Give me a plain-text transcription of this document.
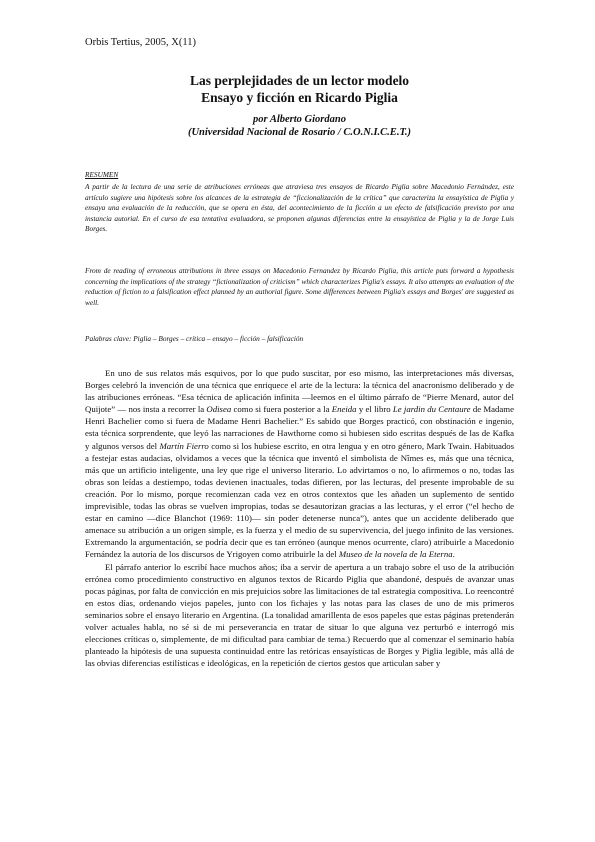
Orbis Tertius, 2005, X(11)
Las perplejidades de un lector modelo
Ensayo y ficción en Ricardo Piglia
por Alberto Giordano
(Universidad Nacional de Rosario / C.O.N.I.C.E.T.)
RESUMEN
A partir de la lectura de una serie de atribuciones erróneas que atraviesa tres ensayos de Ricardo Piglia sobre Macedonio Fernández, este artículo sugiere una hipótesis sobre los alcances de la estrategia de “ficcionalización de la crítica” que caracteriza la ensayística de Piglia y ensaya una evaluación de la reducción, que se opera en ésta, del acontecimiento de la ficción a un efecto de falsificación previsto por una instancia autorial. En el curso de esa tentativa evaluadora, se proponen algunas diferencias entre la ensayística de Piglia y la de Jorge Luis Borges.
From de reading of erroneous attributions in three essays on Macedonio Fernandez by Ricardo Piglia, this article puts forward a hypothesis concerning the implications of the strategy “fictionalization of criticism” which characterizes Piglia's essays. It also attempts an evaluation of the reduction of fiction to a falsification effect planned by an authorial figure. Some differences between Piglia's essays and Borges' are suggested as well.
Palabras clave: Piglia – Borges – crítica – ensayo – ficción – falsificación

En uno de sus relatos más esquivos, por lo que pudo suscitar, por eso mismo, las interpretaciones más diversas, Borges celebró la invención de una técnica que enriquece el arte de la lectura: la técnica del anacronismo deliberado y de las atribuciones erróneas. “Esa técnica de aplicación infinita —leemos en el último párrafo de “Pierre Menard, autor del Quijote” — nos insta a recorrer la Odisea como si fuera posterior a la Eneida y el libro Le jardin du Centaure de Madame Henri Bachelier como si fuera de Madame Henri Bachelier.” Es sabido que Borges practicó, con obstinación e ingenio, esta técnica sorprendente, que leyó las narraciones de Hawthorne como si hubiesen sido escritas después de las de Kafka y algunos versos del Martín Fierro como si los hubiese escrito, en otra lengua y en otro género, Mark Twain. Habituados a festejar estas audacias, olvidamos a veces que la técnica que inventó el simbolista de Nîmes es, más que una técnica, más que un artificio inteligente, una ley que rige el universo literario. Lo advirtamos o no, lo afirmemos o no, todas las obras son leídas a destiempo, todas devienen inactuales, todas difieren, por las lecturas, del presente improbable de su creación. Por lo mismo, porque recomienzan cada vez en otros contextos que les añaden un suplemento de sentido imprevisible, todas las obras se vuelven impropias, todas se desautorizan gracias a las lecturas, y el error (“el hecho de estar en camino —dice Blanchot (1969: 110)— sin poder detenerse nunca”), antes que un accidente deliberado que amenace su atribución a un origen simple, es la fuerza y el medio de su supervivencia, del juego infinito de las versiones. Extremando la argumentación, se podría decir que es tan erróneo (aunque menos ocurrente, claro) atribuirle a Macedonio Fernández la autoría de los discursos de Yrigoyen como atribuirle la del Museo de la novela de la Eterna.

El párrafo anterior lo escribí hace muchos años; iba a servir de apertura a un trabajo sobre el uso de la atribución errónea como procedimiento constructivo en algunos textos de Ricardo Piglia que abandoné, después de avanzar unas pocas páginas, por falta de convicción en mis prejuicios sobre las limitaciones de tal estrategia compositiva. Lo reencontré en estos días, ordenando viejos papeles, junto con los fichajes y las notas para las clases de uno de mis primeros seminarios sobre el ensayo literario en Argentina. (La tonalidad amarillenta de esos papeles que estas páginas pretenderán volver actuales habla, no sé si de mi perseverancia en tratar de situar lo que alguna vez perturbó e interrogó mis elecciones críticas o, simplemente, de mi dificultad para cambiar de tema.) Recuerdo que al comenzar el seminario había planteado la hipótesis de una supuesta continuidad entre las retóricas ensayísticas de Borges y Piglia legible, más allá de las obvias diferencias estilísticas e ideológicas, en la repetición de ciertos gestos que articulan saber y
